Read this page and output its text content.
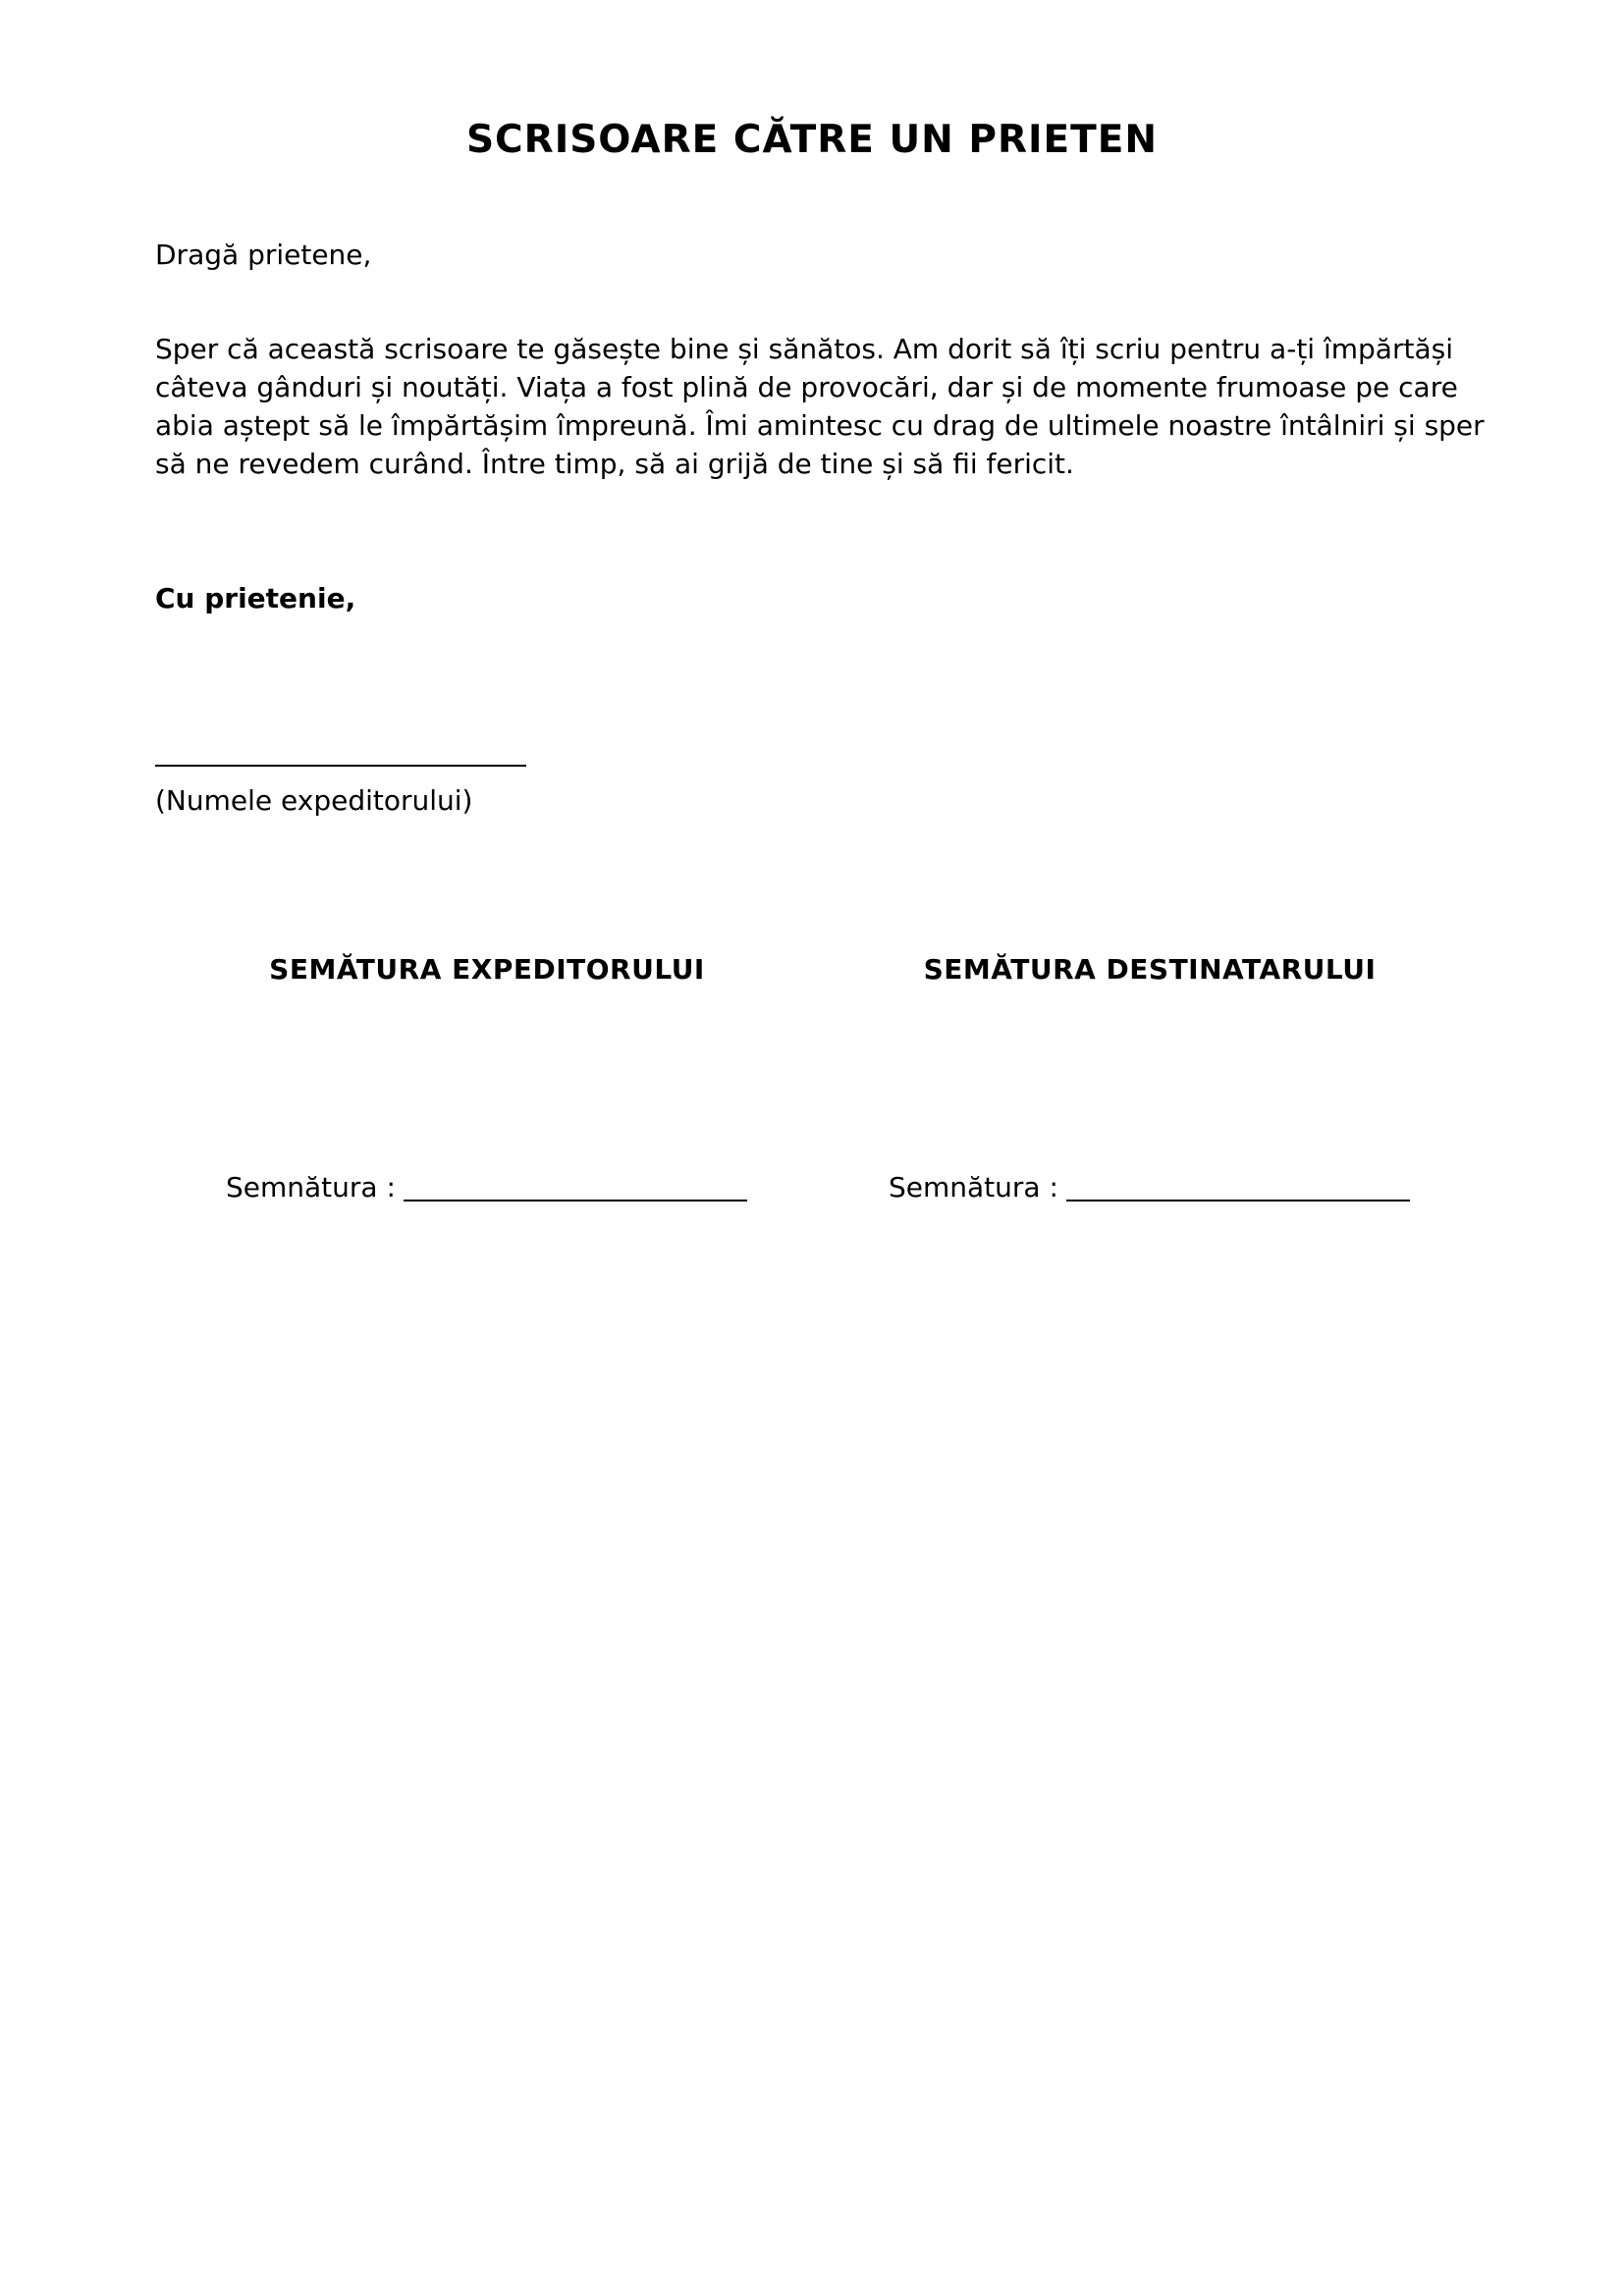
SCRISOARE CĂTRE UN PRIETEN
Dragă prietene,
Sper că această scrisoare te găsește bine și sănătos. Am dorit să îți scriu pentru a-ți împărtăși câteva gânduri și noutăți. Viața a fost plină de provocări, dar și de momente frumoase pe care abia aștept să le împărtășim împreună. Îmi amintesc cu drag de ultimele noastre întâlniri și sper să ne revedem curând. Între timp, să ai grijă de tine și să fii fericit.
Cu prietenie,
(Numele expeditorului)
SEMĂTURA EXPEDITORULUI	SEMĂTURA DESTINATARULUI
Semnătura :	Semnătura :
